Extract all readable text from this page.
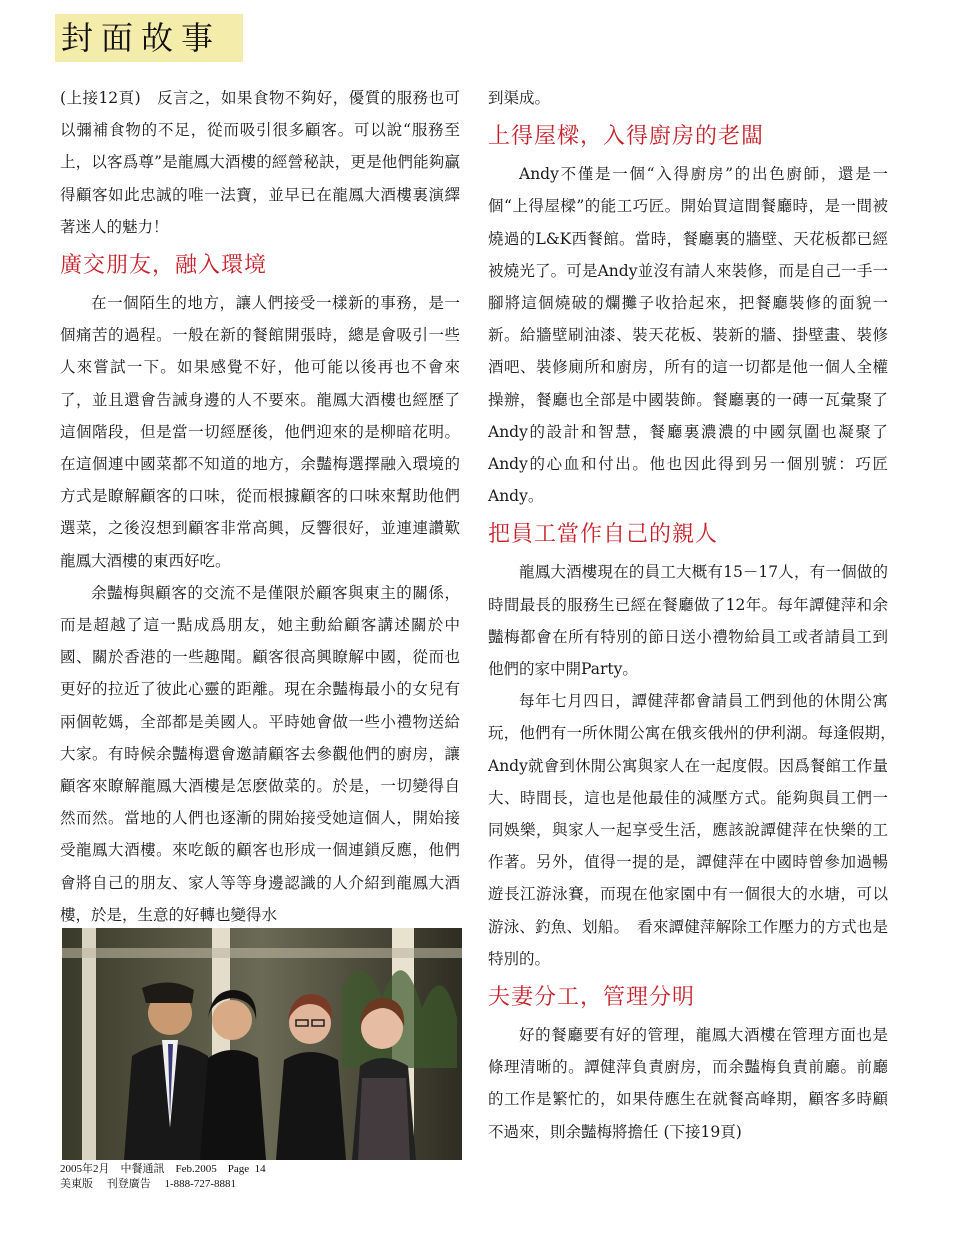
封面故事

(上接12頁)　反言之，如果食物不夠好，優質的服務也可以彌補食物的不足，從而吸引很多顧客。可以說“服務至上，以客爲尊”是龍鳳大酒樓的經營秘訣，更是他們能夠贏得顧客如此忠誠的唯一法寶，並早已在龍鳳大酒樓裏演繹著迷人的魅力！

廣交朋友，融入環境

在一個陌生的地方，讓人們接受一樣新的事務，是一個痛苦的過程。一般在新的餐館開張時，總是會吸引一些人來嘗試一下。如果感覺不好，他可能以後再也不會來了，並且還會告誡身邊的人不要來。龍鳳大酒樓也經歷了這個階段，但是當一切經歷後，他們迎來的是柳暗花明。在這個連中國菜都不知道的地方，余豔梅選擇融入環境的方式是瞭解顧客的口味，從而根據顧客的口味來幫助他們選菜，之後沒想到顧客非常高興，反響很好，並連連讚歎龍鳳大酒樓的東西好吃。

余豔梅與顧客的交流不是僅限於顧客與東主的關係，而是超越了這一點成爲朋友，她主動給顧客講述關於中國、關於香港的一些趣聞。顧客很高興瞭解中國，從而也更好的拉近了彼此心靈的距離。現在余豔梅最小的女兒有兩個乾媽，全部都是美國人。平時她會做一些小禮物送給大家。有時候余豔梅還會邀請顧客去參觀他們的廚房，讓顧客來瞭解龍鳳大酒樓是怎麽做菜的。於是，一切變得自然而然。當地的人們也逐漸的開始接受她這個人，開始接受龍鳳大酒樓。來吃飯的顧客也形成一個連鎖反應，他們會將自己的朋友、家人等等身邊認識的人介紹到龍鳳大酒樓，於是，生意的好轉也變得水

到渠成。

上得屋樑，入得廚房的老闆

Andy不僅是一個“入得廚房”的出色廚師，還是一個“上得屋樑”的能工巧匠。開始買這間餐廳時，是一間被燒過的L&K西餐館。當時，餐廳裏的牆壁、天花板都已經被燒光了。可是Andy並沒有請人來裝修，而是自己一手一腳將這個燒破的爛攤子收拾起來，把餐廳裝修的面貌一新。給牆壁刷油漆、裝天花板、裝新的牆、掛壁畫、裝修酒吧、裝修廁所和廚房，所有的這一切都是他一個人全權操辦，餐廳也全部是中國裝飾。餐廳裏的一磚一瓦彙聚了Andy的設計和智慧，餐廳裏濃濃的中國氛圍也凝聚了Andy的心血和付出。他也因此得到另一個別號：巧匠Andy。

把員工當作自己的親人

龍鳳大酒樓現在的員工大概有15－17人，有一個做的時間最長的服務生已經在餐廳做了12年。每年譚健萍和余豔梅都會在所有特別的節日送小禮物給員工或者請員工到他們的家中開Party。

每年七月四日，譚健萍都會請員工們到他的休閒公寓玩，他們有一所休閒公寓在俄亥俄州的伊利湖。每逢假期，　Andy就會到休閒公寓與家人在一起度假。因爲餐館工作量大、時間長，這也是他最佳的減壓方式。能夠與員工們一同娛樂，與家人一起享受生活，應該說譚健萍在快樂的工作著。另外，值得一提的是，譚健萍在中國時曾參加過暢遊長江游泳賽，而現在他家園中有一個很大的水塘，可以游泳、釣魚、划船。　看來譚健萍解除工作壓力的方式也是特別的。

夫妻分工，管理分明

好的餐廳要有好的管理，龍鳳大酒樓在管理方面也是條理清晰的。譚健萍負責廚房，而余豔梅負責前廳。前廳的工作是繁忙的，如果侍應生在就餐高峰期，顧客多時顧不過來，則余豔梅將擔任 (下接19頁)

2005年2月　中餐通訊　Feb.2005　Page  14
美東版　 刊登廣告　 1-888-727-8881
